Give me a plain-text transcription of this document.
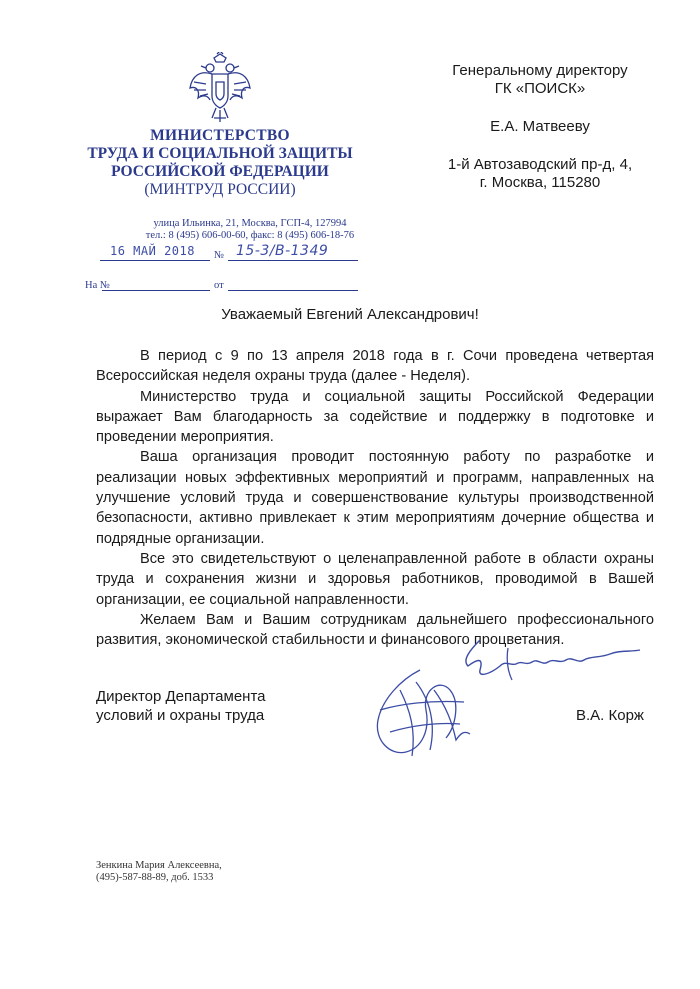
МИНИСТЕРСТВО
ТРУДА И СОЦИАЛЬНОЙ ЗАЩИТЫ
РОССИЙСКОЙ ФЕДЕРАЦИИ
(МИНТРУД РОССИИ)
улица Ильинка, 21, Москва, ГСП-4, 127994
тел.: 8 (495) 606-00-60, факс: 8 (495) 606-18-76
16 МАЙ 2018 № 15-3/В-1349
На №	от
Генеральному директору
ГК «ПОИСК»
Е.А. Матвееву
1-й Автозаводский пр-д, 4,
г. Москва, 115280
Уважаемый Евгений Александрович!

В период с 9 по 13 апреля 2018 года в г. Сочи проведена четвертая Всероссийская неделя охраны труда (далее - Неделя).

Министерство труда и социальной защиты Российской Федерации выражает Вам благодарность за содействие и поддержку в подготовке и проведении мероприятия.

Ваша организация проводит постоянную работу по разработке и реализации новых эффективных мероприятий и программ, направленных на улучшение условий труда и совершенствование культуры производственной безопасности, активно привлекает к этим мероприятиям дочерние общества и подрядные организации.

Все это свидетельствуют о целенаправленной работе в области охраны труда и сохранения жизни и здоровья работников, проводимой в Вашей организации, ее социальной направленности.

Желаем Вам и Вашим сотрудникам дальнейшего профессионального развития, экономической стабильности и финансового процветания.

Директор Департамента
условий и охраны труда	В.А. Корж
Зенкина Мария Алексеевна,
(495)-587-88-89, доб. 1533
